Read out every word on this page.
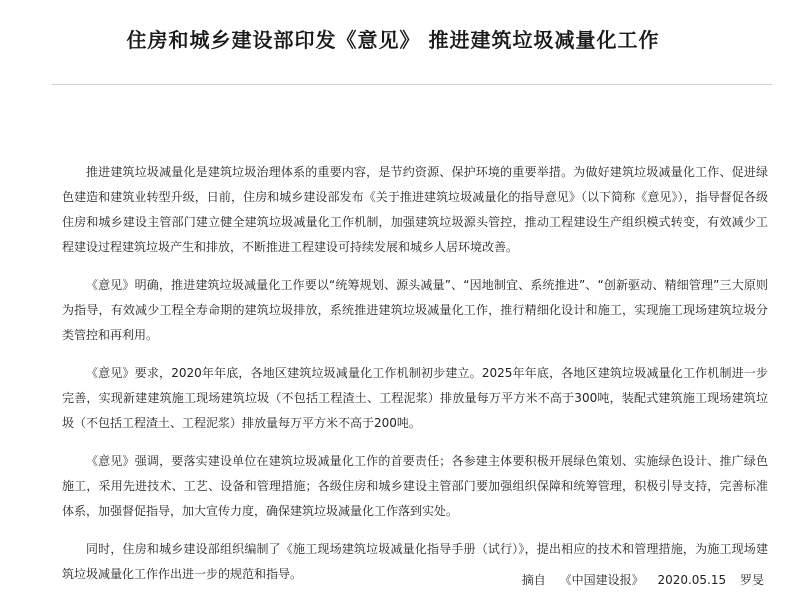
住房和城乡建设部印发《意见》 推进建筑垃圾减量化工作

推进建筑垃圾减量化是建筑垃圾治理体系的重要内容，是节约资源、保护环境的重要举措。为做好建筑垃圾减量化工作、促进绿色建造和建筑业转型升级，日前，住房和城乡建设部发布《关于推进建筑垃圾减量化的指导意见》（以下简称《意见》），指导督促各级住房和城乡建设主管部门建立健全建筑垃圾减量化工作机制，加强建筑垃圾源头管控，推动工程建设生产组织模式转变，有效减少工程建设过程建筑垃圾产生和排放，不断推进工程建设可持续发展和城乡人居环境改善。

《意见》明确，推进建筑垃圾减量化工作要以“统筹规划、源头减量”、“因地制宜、系统推进”、“创新驱动、精细管理”三大原则为指导，有效减少工程全寿命期的建筑垃圾排放，系统推进建筑垃圾减量化工作，推行精细化设计和施工，实现施工现场建筑垃圾分类管控和再利用。

《意见》要求，2020年年底，各地区建筑垃圾减量化工作机制初步建立。2025年年底，各地区建筑垃圾减量化工作机制进一步完善，实现新建建筑施工现场建筑垃圾（不包括工程渣土、工程泥浆）排放量每万平方米不高于300吨，装配式建筑施工现场建筑垃圾（不包括工程渣土、工程泥浆）排放量每万平方米不高于200吨。

《意见》强调，要落实建设单位在建筑垃圾减量化工作的首要责任；各参建主体要积极开展绿色策划、实施绿色设计、推广绿色施工，采用先进技术、工艺、设备和管理措施；各级住房和城乡建设主管部门要加强组织保障和统筹管理，积极引导支持，完善标准体系，加强督促指导，加大宣传力度，确保建筑垃圾减量化工作落到实处。

同时，住房和城乡建设部组织编制了《施工现场建筑垃圾减量化指导手册（试行）》，提出相应的技术和管理措施，为施工现场建筑垃圾减量化工作作出进一步的规范和指导。	摘自 《中国建设报》 2020.05.15 罗旻
